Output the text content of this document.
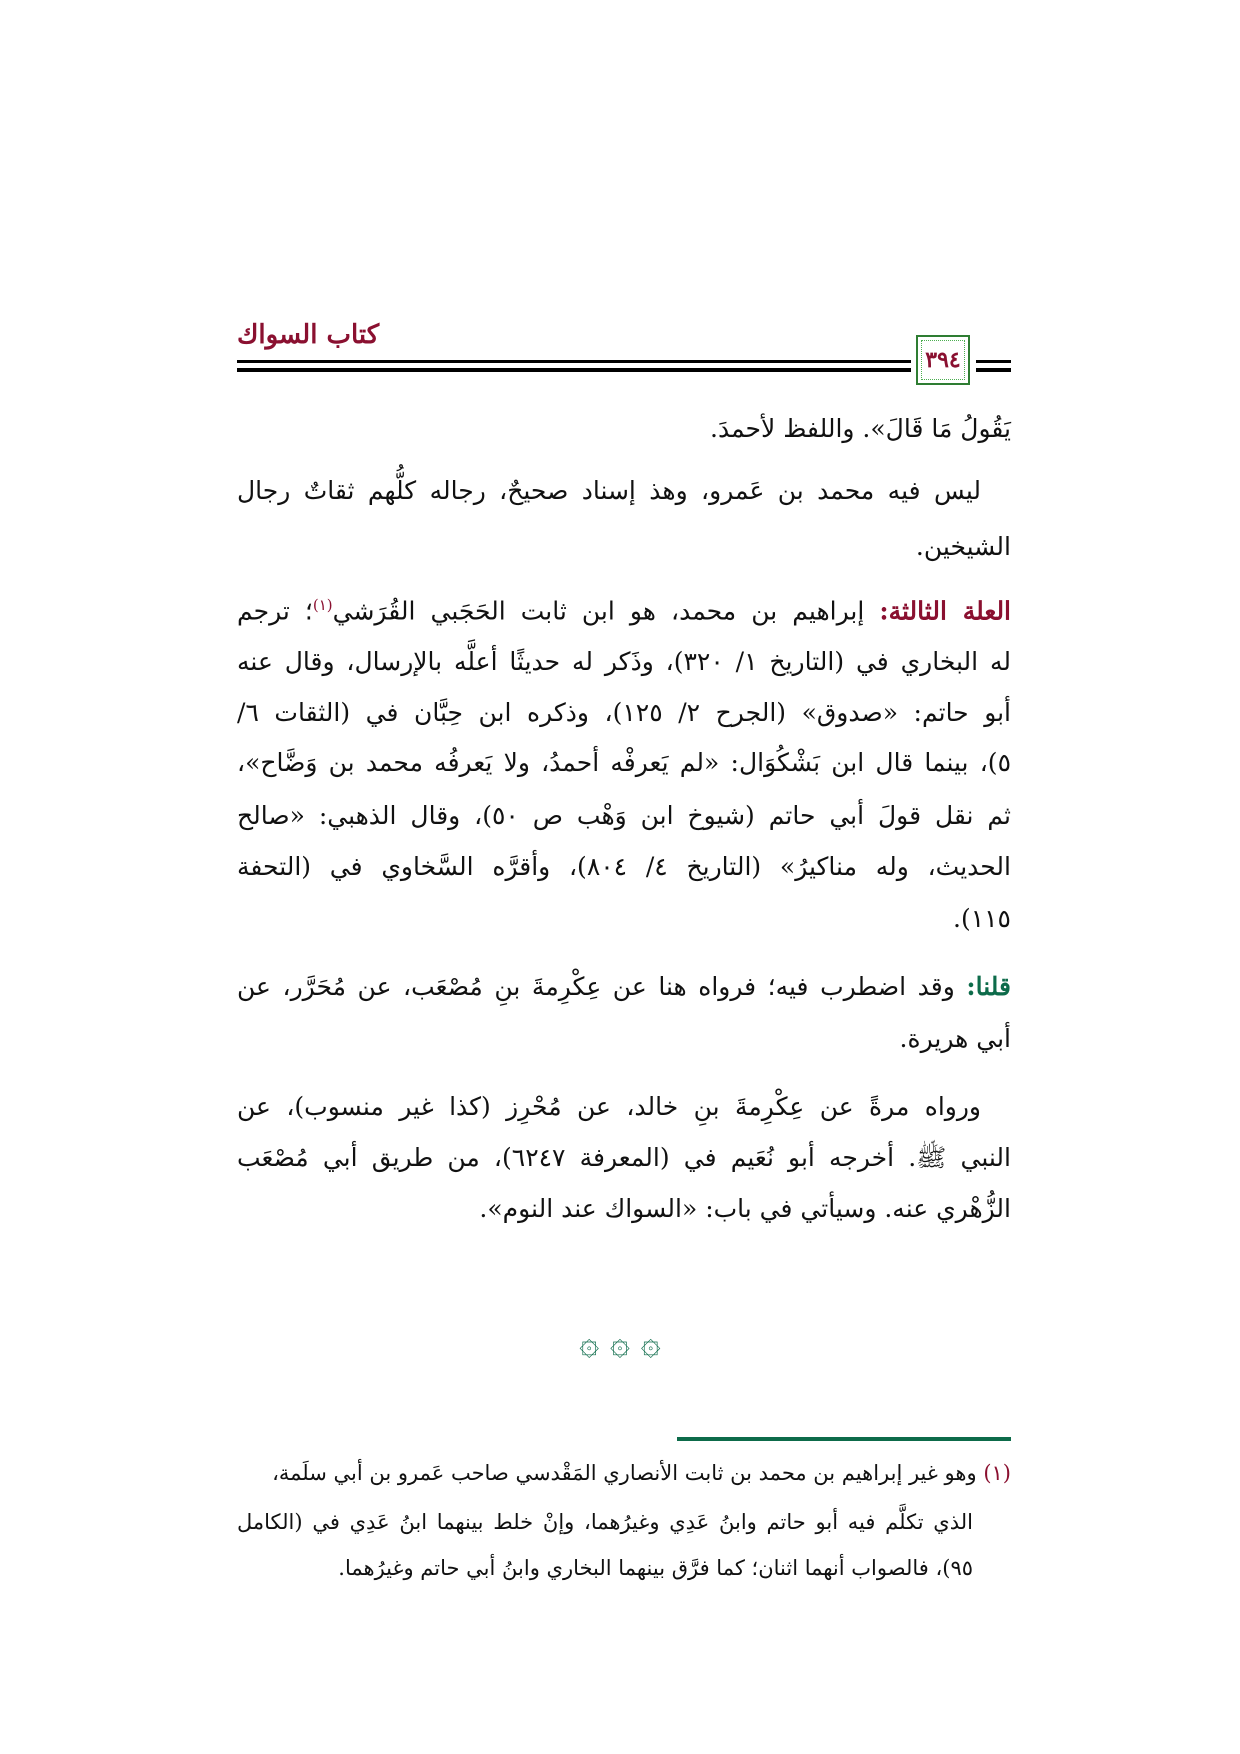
كتاب السواك
٣٩٤
يَقُولُ مَا قَالَ». واللفظ لأحمدَ.
ليس فيه محمد بن عَمرو، وهذ إسناد صحيحٌ، رجاله كلُّهم ثقاتٌ رجال
الشيخين.
العلة الثالثة: إبراهيم بن محمد، هو ابن ثابت الحَجَبي القُرَشي$^{(١)}$؛ ترجم
له البخاري في (التاريخ ١/ ٣٢٠)، وذَكر له حديثًا أعلَّه بالإرسال، وقال عنه
أبو حاتم: «صدوق» (الجرح ٢/ ١٢٥)، وذكره ابن حِبَّان في (الثقات ٦/
٥)، بينما قال ابن بَشْكُوَال: «لم يَعرفْه أحمدُ، ولا يَعرفُه محمد بن وَضَّاح»،
ثم نقل قولَ أبي حاتم (شيوخ ابن وَهْب ص ٥٠)، وقال الذهبي: «صالح
الحديث، وله مناكيرُ» (التاريخ ٤/ ٨٠٤)، وأقرَّه السَّخاوي في (التحفة
١١٥).
قلنا: وقد اضطرب فيه؛ فرواه هنا عن عِكْرِمةَ بنِ مُصْعَب، عن مُحَرَّر، عن
أبي هريرة.
ورواه مرةً عن عِكْرِمةَ بنِ خالد، عن مُحْرِز (كذا غير منسوب)، عن
النبي ﷺ. أخرجه أبو نُعَيم في (المعرفة ٦٢٤٧)، من طريق أبي مُصْعَب
الزُّهْري عنه. وسيأتي في باب: «السواك عند النوم».
۞ ۞ ۞
(١) وهو غير إبراهيم بن محمد بن ثابت الأنصاري المَقْدسي صاحب عَمرو بن أبي سلَمة،
الذي تكلَّم فيه أبو حاتم وابنُ عَدِي وغيرُهما، وإنْ خلط بينهما ابنُ عَدِي في (الكامل
٩٥)، فالصواب أنهما اثنان؛ كما فرَّق بينهما البخاري وابنُ أبي حاتم وغيرُهما.
